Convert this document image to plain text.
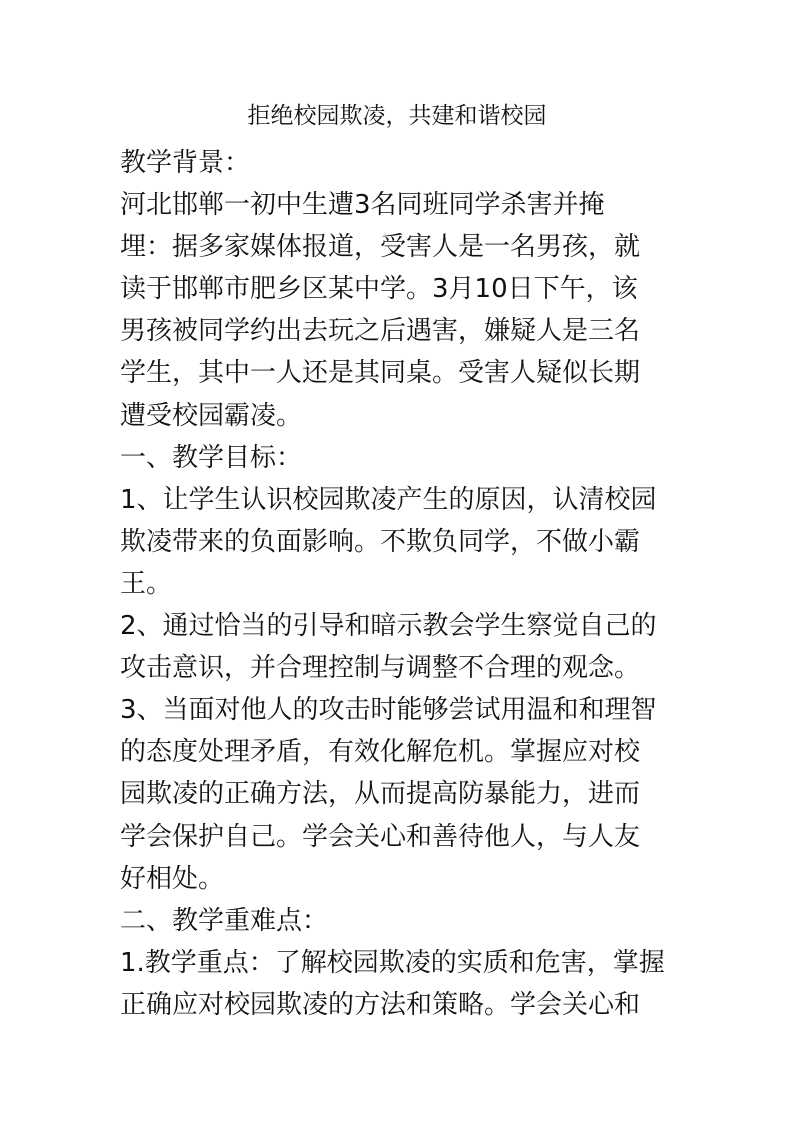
拒绝校园欺凌，共建和谐校园
教学背景：
河北邯郸一初中生遭3名同班同学杀害并掩
埋：据多家媒体报道，受害人是一名男孩，就
读于邯郸市肥乡区某中学。3月10日下午，该
男孩被同学约出去玩之后遇害，嫌疑人是三名
学生，其中一人还是其同桌。受害人疑似长期
遭受校园霸凌。
一、教学目标：
1、让学生认识校园欺凌产生的原因，认清校园
欺凌带来的负面影响。不欺负同学，不做小霸
王。
2、通过恰当的引导和暗示教会学生察觉自己的
攻击意识，并合理控制与调整不合理的观念。
3、当面对他人的攻击时能够尝试用温和和理智
的态度处理矛盾，有效化解危机。掌握应对校
园欺凌的正确方法，从而提高防暴能力，进而
学会保护自己。学会关心和善待他人，与人友
好相处。
二、教学重难点：
1.教学重点：了解校园欺凌的实质和危害，掌握
正确应对校园欺凌的方法和策略。学会关心和
